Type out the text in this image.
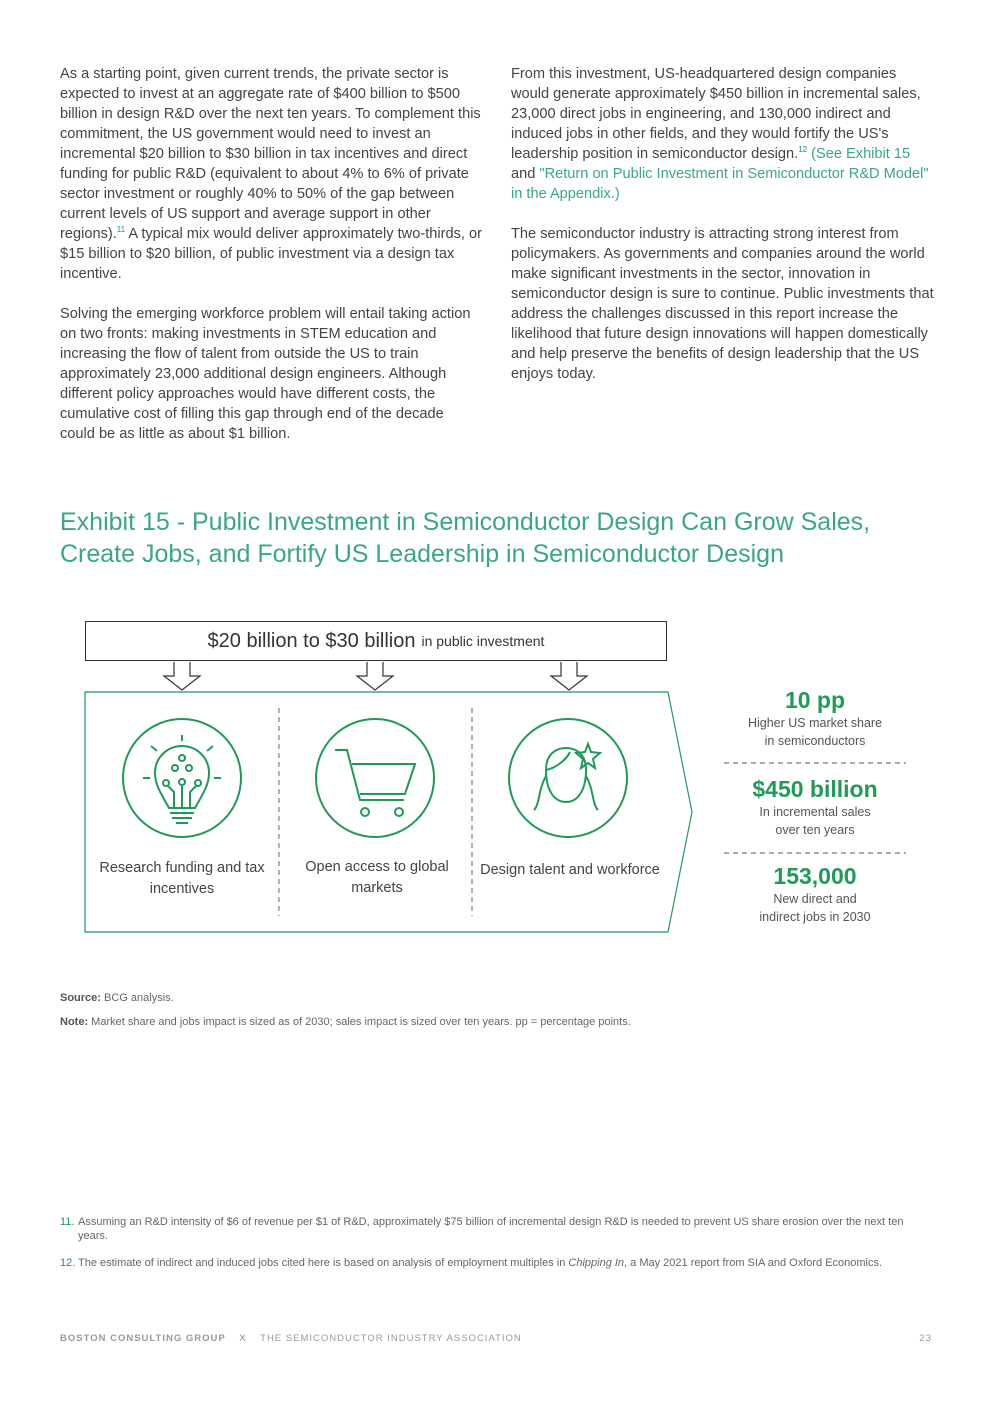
As a starting point, given current trends, the private sector is expected to invest at an aggregate rate of $400 billion to $500 billion in design R&D over the next ten years. To complement this commitment, the US government would need to invest an incremental $20 billion to $30 billion in tax incentives and direct funding for public R&D (equivalent to about 4% to 6% of private sector investment or roughly 40% to 50% of the gap between current levels of US support and average support in other regions).$^{11}$ A typical mix would deliver approximately two-thirds, or $15 billion to $20 billion, of public investment via a design tax incentive.

Solving the emerging workforce problem will entail taking action on two fronts: making investments in STEM education and increasing the flow of talent from outside the US to train approximately 23,000 additional design engineers. Although different policy approaches would have different costs, the cumulative cost of filling this gap through end of the decade could be as little as about $1 billion.

From this investment, US-headquartered design companies would generate approximately $450 billion in incremental sales, 23,000 direct jobs in engineering, and 130,000 indirect and induced jobs in other fields, and they would fortify the US's leadership position in semiconductor design.$^{12}$ (See Exhibit 15 and "Return on Public Investment in Semiconductor R&D Model" in the Appendix.)

The semiconductor industry is attracting strong interest from policymakers. As governments and companies around the world make significant investments in the sector, innovation in semiconductor design is sure to continue. Public investments that address the challenges discussed in this report increase the likelihood that future design innovations will happen domestically and help preserve the benefits of design leadership that the US enjoys today.

Exhibit 15 - Public Investment in Semiconductor Design Can Grow Sales, Create Jobs, and Fortify US Leadership in Semiconductor Design
$20 billion to $30 billion in public investment
Research funding and tax incentives
Open access to global markets
Design talent and workforce
10 pp
Higher US market share
in semiconductors
$450 billion
In incremental sales
over ten years
153,000
New direct and
indirect jobs in 2030
Source: BCG analysis.
Note: Market share and jobs impact is sized as of 2030; sales impact is sized over ten years. pp = percentage points.
11. Assuming an R&D intensity of $6 of revenue per $1 of R&D, approximately $75 billion of incremental design R&D is needed to prevent US share erosion over the next ten years.
12. The estimate of indirect and induced jobs cited here is based on analysis of employment multiples in Chipping In, a May 2021 report from SIA and Oxford Economics.
BOSTON CONSULTING GROUP X THE SEMICONDUCTOR INDUSTRY ASSOCIATION	23
